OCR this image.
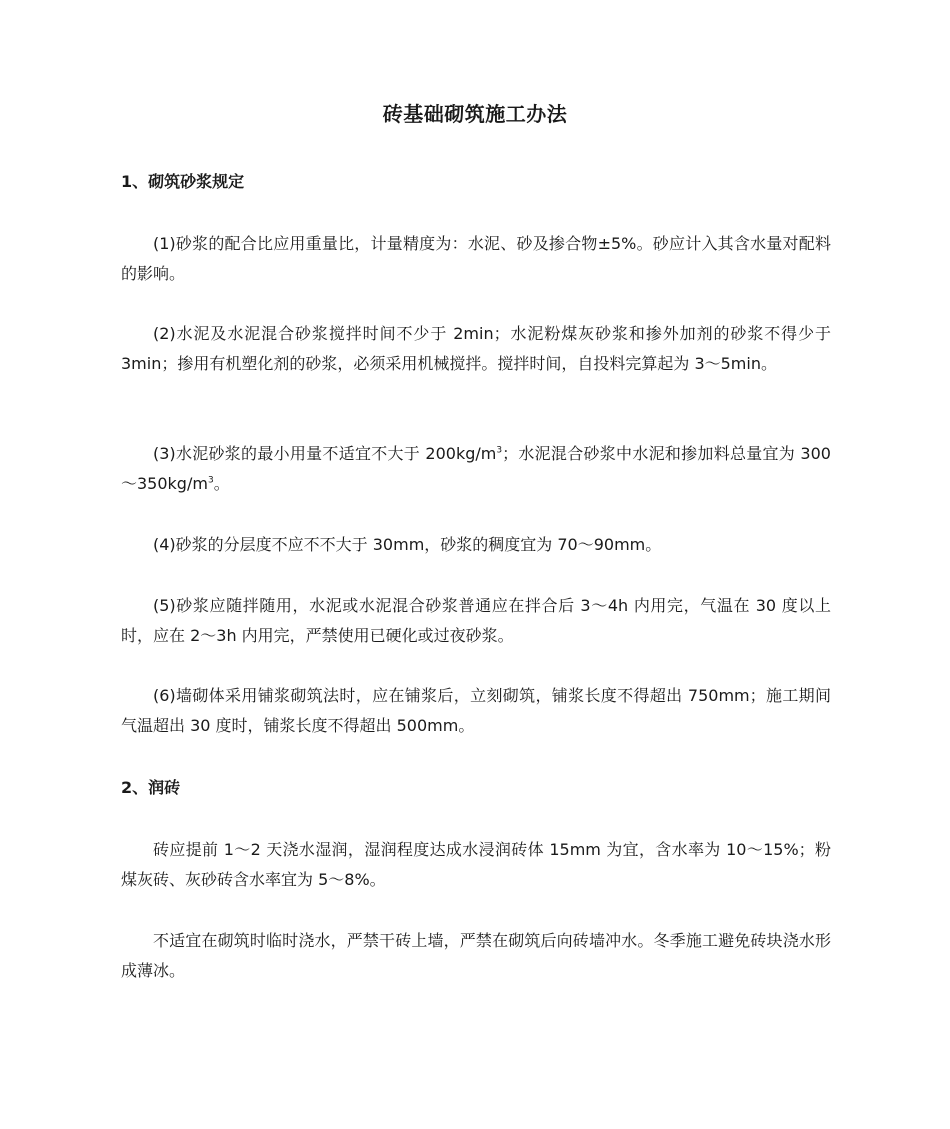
砖基础砌筑施工办法
1、砌筑砂浆规定

(1)砂浆的配合比应用重量比，计量精度为：水泥、砂及掺合物±5%。砂应计入其含水量对配料的影响。

(2)水泥及水泥混合砂浆搅拌时间不少于 2min；水泥粉煤灰砂浆和掺外加剂的砂浆不得少于 3min；掺用有机塑化剂的砂浆，必须采用机械搅拌。搅拌时间，自投料完算起为 3～5min。

(3)水泥砂浆的最小用量不适宜不大于 $200kg/m^3$；水泥混合砂浆中水泥和掺加料总量宜为 $300\sim 350kg/m^3$。

(4)砂浆的分层度不应不不大于 30mm，砂浆的稠度宜为 70～90mm。

(5)砂浆应随拌随用，水泥或水泥混合砂浆普通应在拌合后 3～4h 内用完，气温在 30 度以上时，应在 2～3h 内用完，严禁使用已硬化或过夜砂浆。

(6)墙砌体采用铺浆砌筑法时，应在铺浆后，立刻砌筑，铺浆长度不得超出 750mm；施工期间气温超出 30 度时，铺浆长度不得超出 500mm。

2、润砖

砖应提前 1～2 天浇水湿润，湿润程度达成水浸润砖体 15mm 为宜，含水率为 10～15%；粉煤灰砖、灰砂砖含水率宜为 5～8%。

不适宜在砌筑时临时浇水，严禁干砖上墙，严禁在砌筑后向砖墙冲水。冬季施工避免砖块浇水形成薄冰。
